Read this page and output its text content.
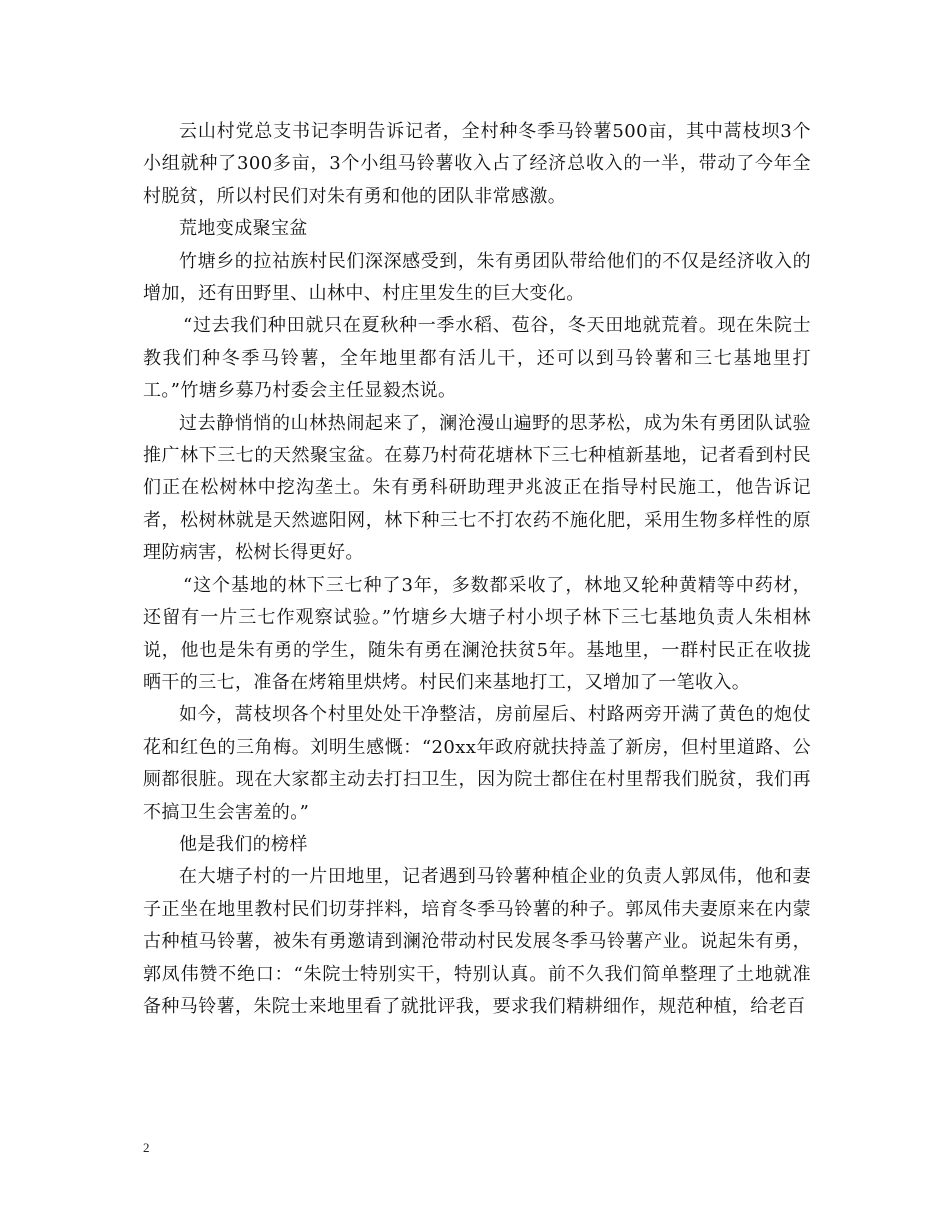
云山村党总支书记李明告诉记者，全村种冬季马铃薯500亩，其中蒿枝坝3个小组就种了300多亩，3个小组马铃薯收入占了经济总收入的一半，带动了今年全村脱贫，所以村民们对朱有勇和他的团队非常感激。

荒地变成聚宝盆

竹塘乡的拉祜族村民们深深感受到，朱有勇团队带给他们的不仅是经济收入的增加，还有田野里、山林中、村庄里发生的巨大变化。

“过去我们种田就只在夏秋种一季水稻、苞谷，冬天田地就荒着。现在朱院士教我们种冬季马铃薯，全年地里都有活儿干，还可以到马铃薯和三七基地里打工。”竹塘乡募乃村委会主任显毅杰说。

过去静悄悄的山林热闹起来了，澜沧漫山遍野的思茅松，成为朱有勇团队试验推广林下三七的天然聚宝盆。在募乃村荷花塘林下三七种植新基地，记者看到村民们正在松树林中挖沟垄土。朱有勇科研助理尹兆波正在指导村民施工，他告诉记者，松树林就是天然遮阳网，林下种三七不打农药不施化肥，采用生物多样性的原理防病害，松树长得更好。

“这个基地的林下三七种了3年，多数都采收了，林地又轮种黄精等中药材，还留有一片三七作观察试验。”竹塘乡大塘子村小坝子林下三七基地负责人朱相林说，他也是朱有勇的学生，随朱有勇在澜沧扶贫5年。基地里，一群村民正在收拢晒干的三七，准备在烤箱里烘烤。村民们来基地打工，又增加了一笔收入。

如今，蒿枝坝各个村里处处干净整洁，房前屋后、村路两旁开满了黄色的炮仗花和红色的三角梅。刘明生感慨：“20xx年政府就扶持盖了新房，但村里道路、公厕都很脏。现在大家都主动去打扫卫生，因为院士都住在村里帮我们脱贫，我们再不搞卫生会害羞的。”

他是我们的榜样

在大塘子村的一片田地里，记者遇到马铃薯种植企业的负责人郭凤伟，他和妻子正坐在地里教村民们切芽拌料，培育冬季马铃薯的种子。郭凤伟夫妻原来在内蒙古种植马铃薯，被朱有勇邀请到澜沧带动村民发展冬季马铃薯产业。说起朱有勇，郭凤伟赞不绝口：“朱院士特别实干，特别认真。前不久我们简单整理了土地就准备种马铃薯，朱院士来地里看了就批评我，要求我们精耕细作，规范种植，给老百

2
